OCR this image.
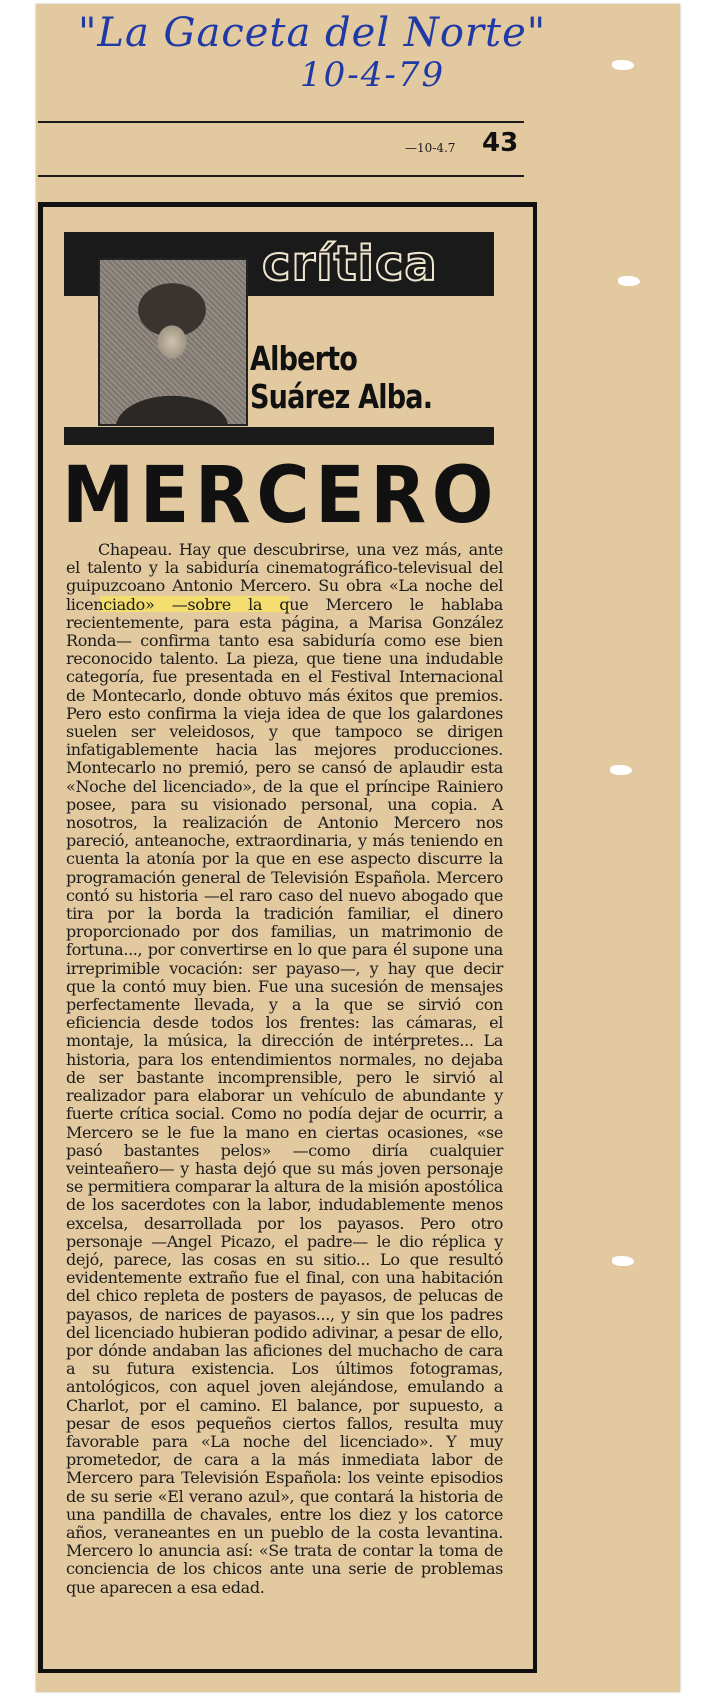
"La Gaceta del Norte"
10-4-79
—10-4.7 43
crítica
Alberto
Suárez Alba.
MERCERO
Chapeau. Hay que descubrirse, una vez más, ante el talento y la sabiduría cinematográfico-televisual del guipuzcoano Antonio Mercero. Su obra «La noche del licenciado» —sobre la que Mercero le hablaba recientemente, para esta página, a Marisa González Ronda— confirma tanto esa sabiduría como ese bien reconocido talento. La pieza, que tiene una indudable categoría, fue presentada en el Festival Internacional de Montecarlo, donde obtuvo más éxitos que premios. Pero esto confirma la vieja idea de que los galardones suelen ser veleidosos, y que tampoco se dirigen infatigablemente hacia las mejores producciones. Montecarlo no premió, pero se cansó de aplaudir esta «Noche del licenciado», de la que el príncipe Rainiero posee, para su visionado personal, una copia. A nosotros, la realización de Antonio Mercero nos pareció, anteanoche, extraordinaria, y más teniendo en cuenta la atonía por la que en ese aspecto discurre la programación general de Televisión Española. Mercero contó su historia —el raro caso del nuevo abogado que tira por la borda la tradición familiar, el dinero proporcionado por dos familias, un matrimonio de fortuna..., por convertirse en lo que para él supone una irreprimible vocación: ser payaso—, y hay que decir que la contó muy bien. Fue una sucesión de mensajes perfectamente llevada, y a la que se sirvió con eficiencia desde todos los frentes: las cámaras, el montaje, la música, la dirección de intérpretes... La historia, para los entendimientos normales, no dejaba de ser bastante incomprensible, pero le sirvió al realizador para elaborar un vehículo de abundante y fuerte crítica social. Como no podía dejar de ocurrir, a Mercero se le fue la mano en ciertas ocasiones, «se pasó bastantes pelos» —como diría cualquier veinteañero— y hasta dejó que su más joven personaje se permitiera comparar la altura de la misión apostólica de los sacerdotes con la labor, indudablemente menos excelsa, desarrollada por los payasos. Pero otro personaje —Angel Picazo, el padre— le dio réplica y dejó, parece, las cosas en su sitio... Lo que resultó evidentemente extraño fue el final, con una habitación del chico repleta de posters de payasos, de pelucas de payasos, de narices de payasos..., y sin que los padres del licenciado hubieran podido adivinar, a pesar de ello, por dónde andaban las aficiones del muchacho de cara a su futura existencia. Los últimos fotogramas, antológicos, con aquel joven alejándose, emulando a Charlot, por el camino. El balance, por supuesto, a pesar de esos pequeños ciertos fallos, resulta muy favorable para «La noche del licenciado». Y muy prometedor, de cara a la más inmediata labor de Mercero para Televisión Española: los veinte episodios de su serie «El verano azul», que contará la historia de una pandilla de chavales, entre los diez y los catorce años, veraneantes en un pueblo de la costa levantina. Mercero lo anuncia así: «Se trata de contar la toma de conciencia de los chicos ante una serie de problemas que aparecen a esa edad.
